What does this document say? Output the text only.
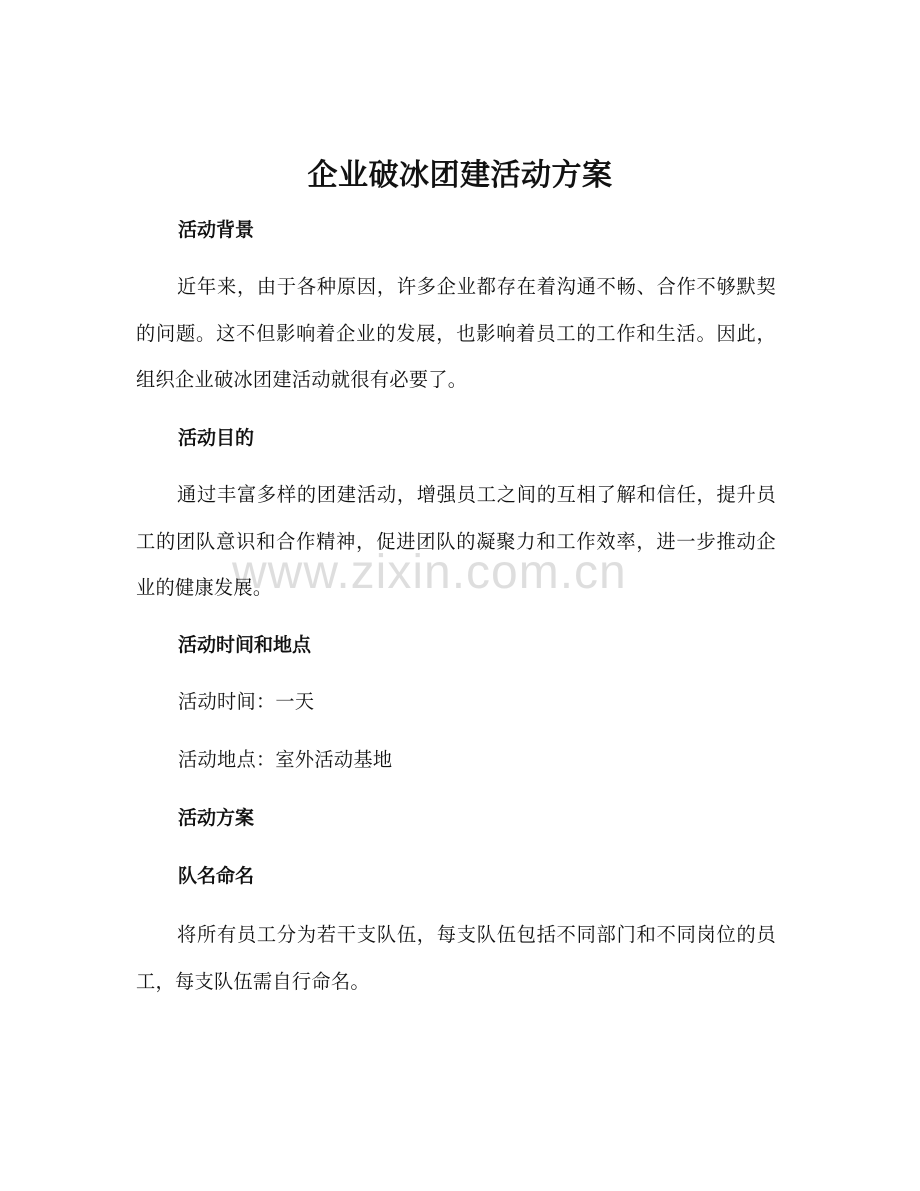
企业破冰团建活动方案
活动背景

近年来，由于各种原因，许多企业都存在着沟通不畅、合作不够默契的问题。这不但影响着企业的发展，也影响着员工的工作和生活。因此，组织企业破冰团建活动就很有必要了。

活动目的

通过丰富多样的团建活动，增强员工之间的互相了解和信任，提升员工的团队意识和合作精神，促进团队的凝聚力和工作效率，进一步推动企业的健康发展。

活动时间和地点
活动时间：一天
活动地点：室外活动基地
活动方案
队名命名

将所有员工分为若干支队伍，每支队伍包括不同部门和不同岗位的员工，每支队伍需自行命名。

www.zixin.com.cn
